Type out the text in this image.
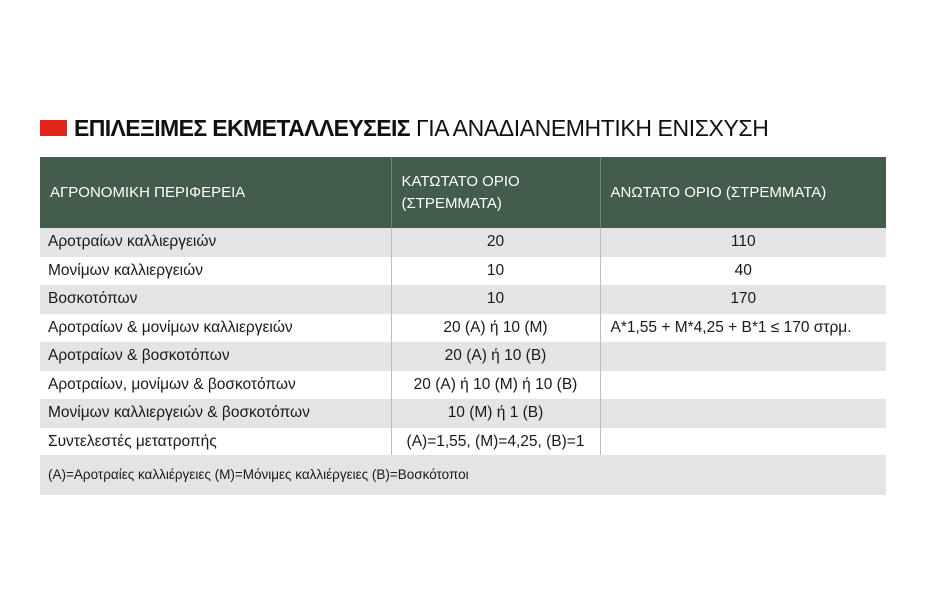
ΕΠΙΛΕΞΙΜΕΣ ΕΚΜΕΤΑΛΛΕΥΣΕΙΣ ΓΙΑ ΑΝΑΔΙΑΝΕΜΗΤΙΚΗ ΕΝΙΣΧΥΣΗ
ΑΓΡΟΝΟΜΙΚΗ ΠΕΡΙΦΕΡΕΙΑ	ΚΑΤΩΤΑΤΟ ΟΡΙΟ (ΣΤΡΕΜΜΑΤΑ)	ΑΝΩΤΑΤΟ ΟΡΙΟ (ΣΤΡΕΜΜΑΤΑ)
Αροτραίων καλλιεργειών	20	110
Μονίμων καλλιεργειών	10	40
Βοσκοτόπων	10	170
Αροτραίων & μονίμων καλλιεργειών	20 (Α) ή 10 (Μ)	Α*1,55 + Μ*4,25 + Β*1 ≤ 170 στρμ.
Αροτραίων & βοσκοτόπων	20 (Α) ή 10 (Β)	
Αροτραίων, μονίμων & βοσκοτόπων	20 (Α) ή 10 (Μ) ή 10 (Β)	
Μονίμων καλλιεργειών & βοσκοτόπων	10 (Μ) ή 1 (Β)	
Συντελεστές μετατροπής	(Α)=1,55, (Μ)=4,25, (Β)=1	
(Α)=Αροτραίες καλλιέργειες (Μ)=Μόνιμες καλλιέργειες (Β)=Βοσκότοποι
